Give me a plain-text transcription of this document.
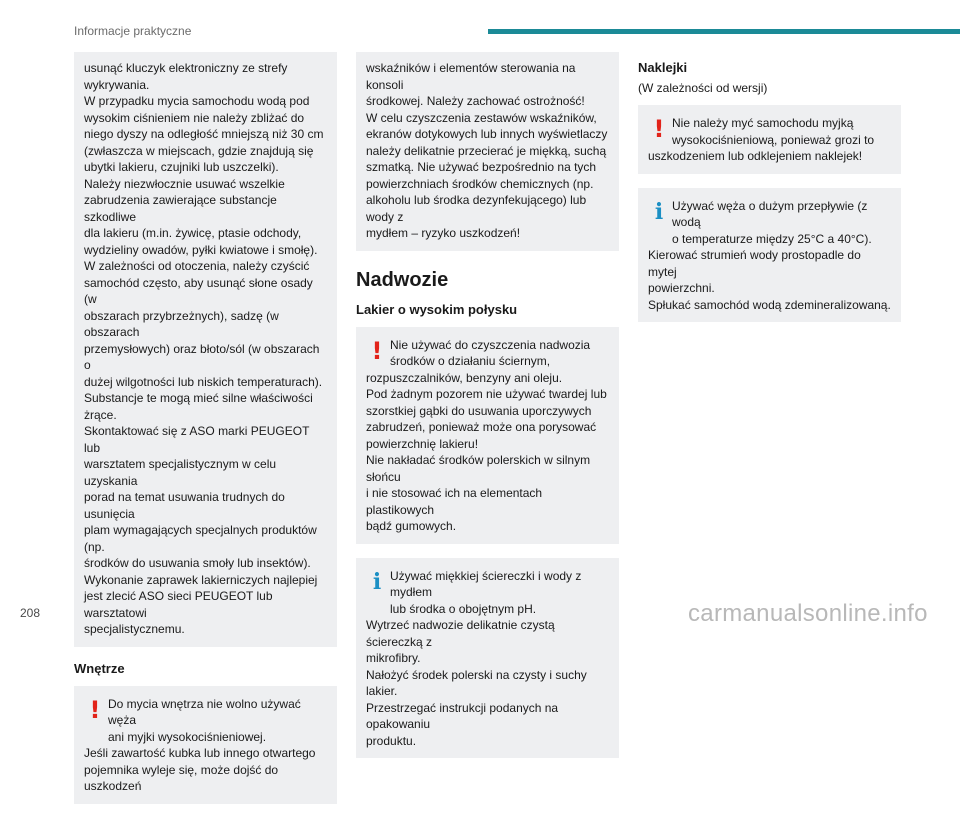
Informacje praktyczne

usunąć kluczyk elektroniczny ze strefy

wykrywania.

W przypadku mycia samochodu wodą pod

wysokim ciśnieniem nie należy zbliżać do

niego dyszy na odległość mniejszą niż 30 cm

(zwłaszcza w miejscach, gdzie znajdują się

ubytki lakieru, czujniki lub uszczelki).

Należy niezwłocznie usuwać wszelkie

zabrudzenia zawierające substancje szkodliwe

dla lakieru (m.in. żywicę, ptasie odchody,

wydzieliny owadów, pyłki kwiatowe i smołę).

W zależności od otoczenia, należy czyścić

samochód często, aby usunąć słone osady (w

obszarach przybrzeżnych), sadzę (w obszarach

przemysłowych) oraz błoto/sól (w obszarach o

dużej wilgotności lub niskich temperaturach).

Substancje te mogą mieć silne właściwości

żrące.

Skontaktować się z ASO marki PEUGEOT lub

warsztatem specjalistycznym w celu uzyskania

porad na temat usuwania trudnych do usunięcia

plam wymagających specjalnych produktów (np.

środków do usuwania smoły lub insektów).

Wykonanie zaprawek lakierniczych najlepiej

jest zlecić ASO sieci PEUGEOT lub warsztatowi

specjalistycznemu.

Wnętrze
! Do mycia wnętrza nie wolno używać węża

ani myjki wysokociśnieniowej.

Jeśli zawartość kubka lub innego otwartego

pojemnika wyleje się, może dojść do uszkodzeń

wskaźników i elementów sterowania na konsoli

środkowej. Należy zachować ostrożność!

W celu czyszczenia zestawów wskaźników,

ekranów dotykowych lub innych wyświetlaczy

należy delikatnie przecierać je miękką, suchą

szmatką. Nie używać bezpośrednio na tych

powierzchniach środków chemicznych (np.

alkoholu lub środka dezynfekującego) lub wody z

mydłem – ryzyko uszkodzeń!

Nadwozie
Lakier o wysokim połysku
! Nie używać do czyszczenia nadwozia

środków o działaniu ściernym,

rozpuszczalników, benzyny ani oleju.

Pod żadnym pozorem nie używać twardej lub

szorstkiej gąbki do usuwania uporczywych

zabrudzeń, ponieważ może ona porysować

powierzchnię lakieru!

Nie nakładać środków polerskich w silnym słońcu

i nie stosować ich na elementach plastikowych

bądź gumowych.

i Używać miękkiej ściereczki i wody z mydłem

lub środka o obojętnym pH.

Wytrzeć nadwozie delikatnie czystą ściereczką z

mikrofibry.

Nałożyć środek polerski na czysty i suchy lakier.

Przestrzegać instrukcji podanych na opakowaniu

produktu.

Naklejki
(W zależności od wersji)
! Nie należy myć samochodu myjką

wysokociśnieniową, ponieważ grozi to

uszkodzeniem lub odklejeniem naklejek!

i Używać węża o dużym przepływie (z wodą

o temperaturze między 25°C a 40°C).

Kierować strumień wody prostopadle do mytej

powierzchni.

Spłukać samochód wodą zdemineralizowaną.

208	carmanualsonline.info
